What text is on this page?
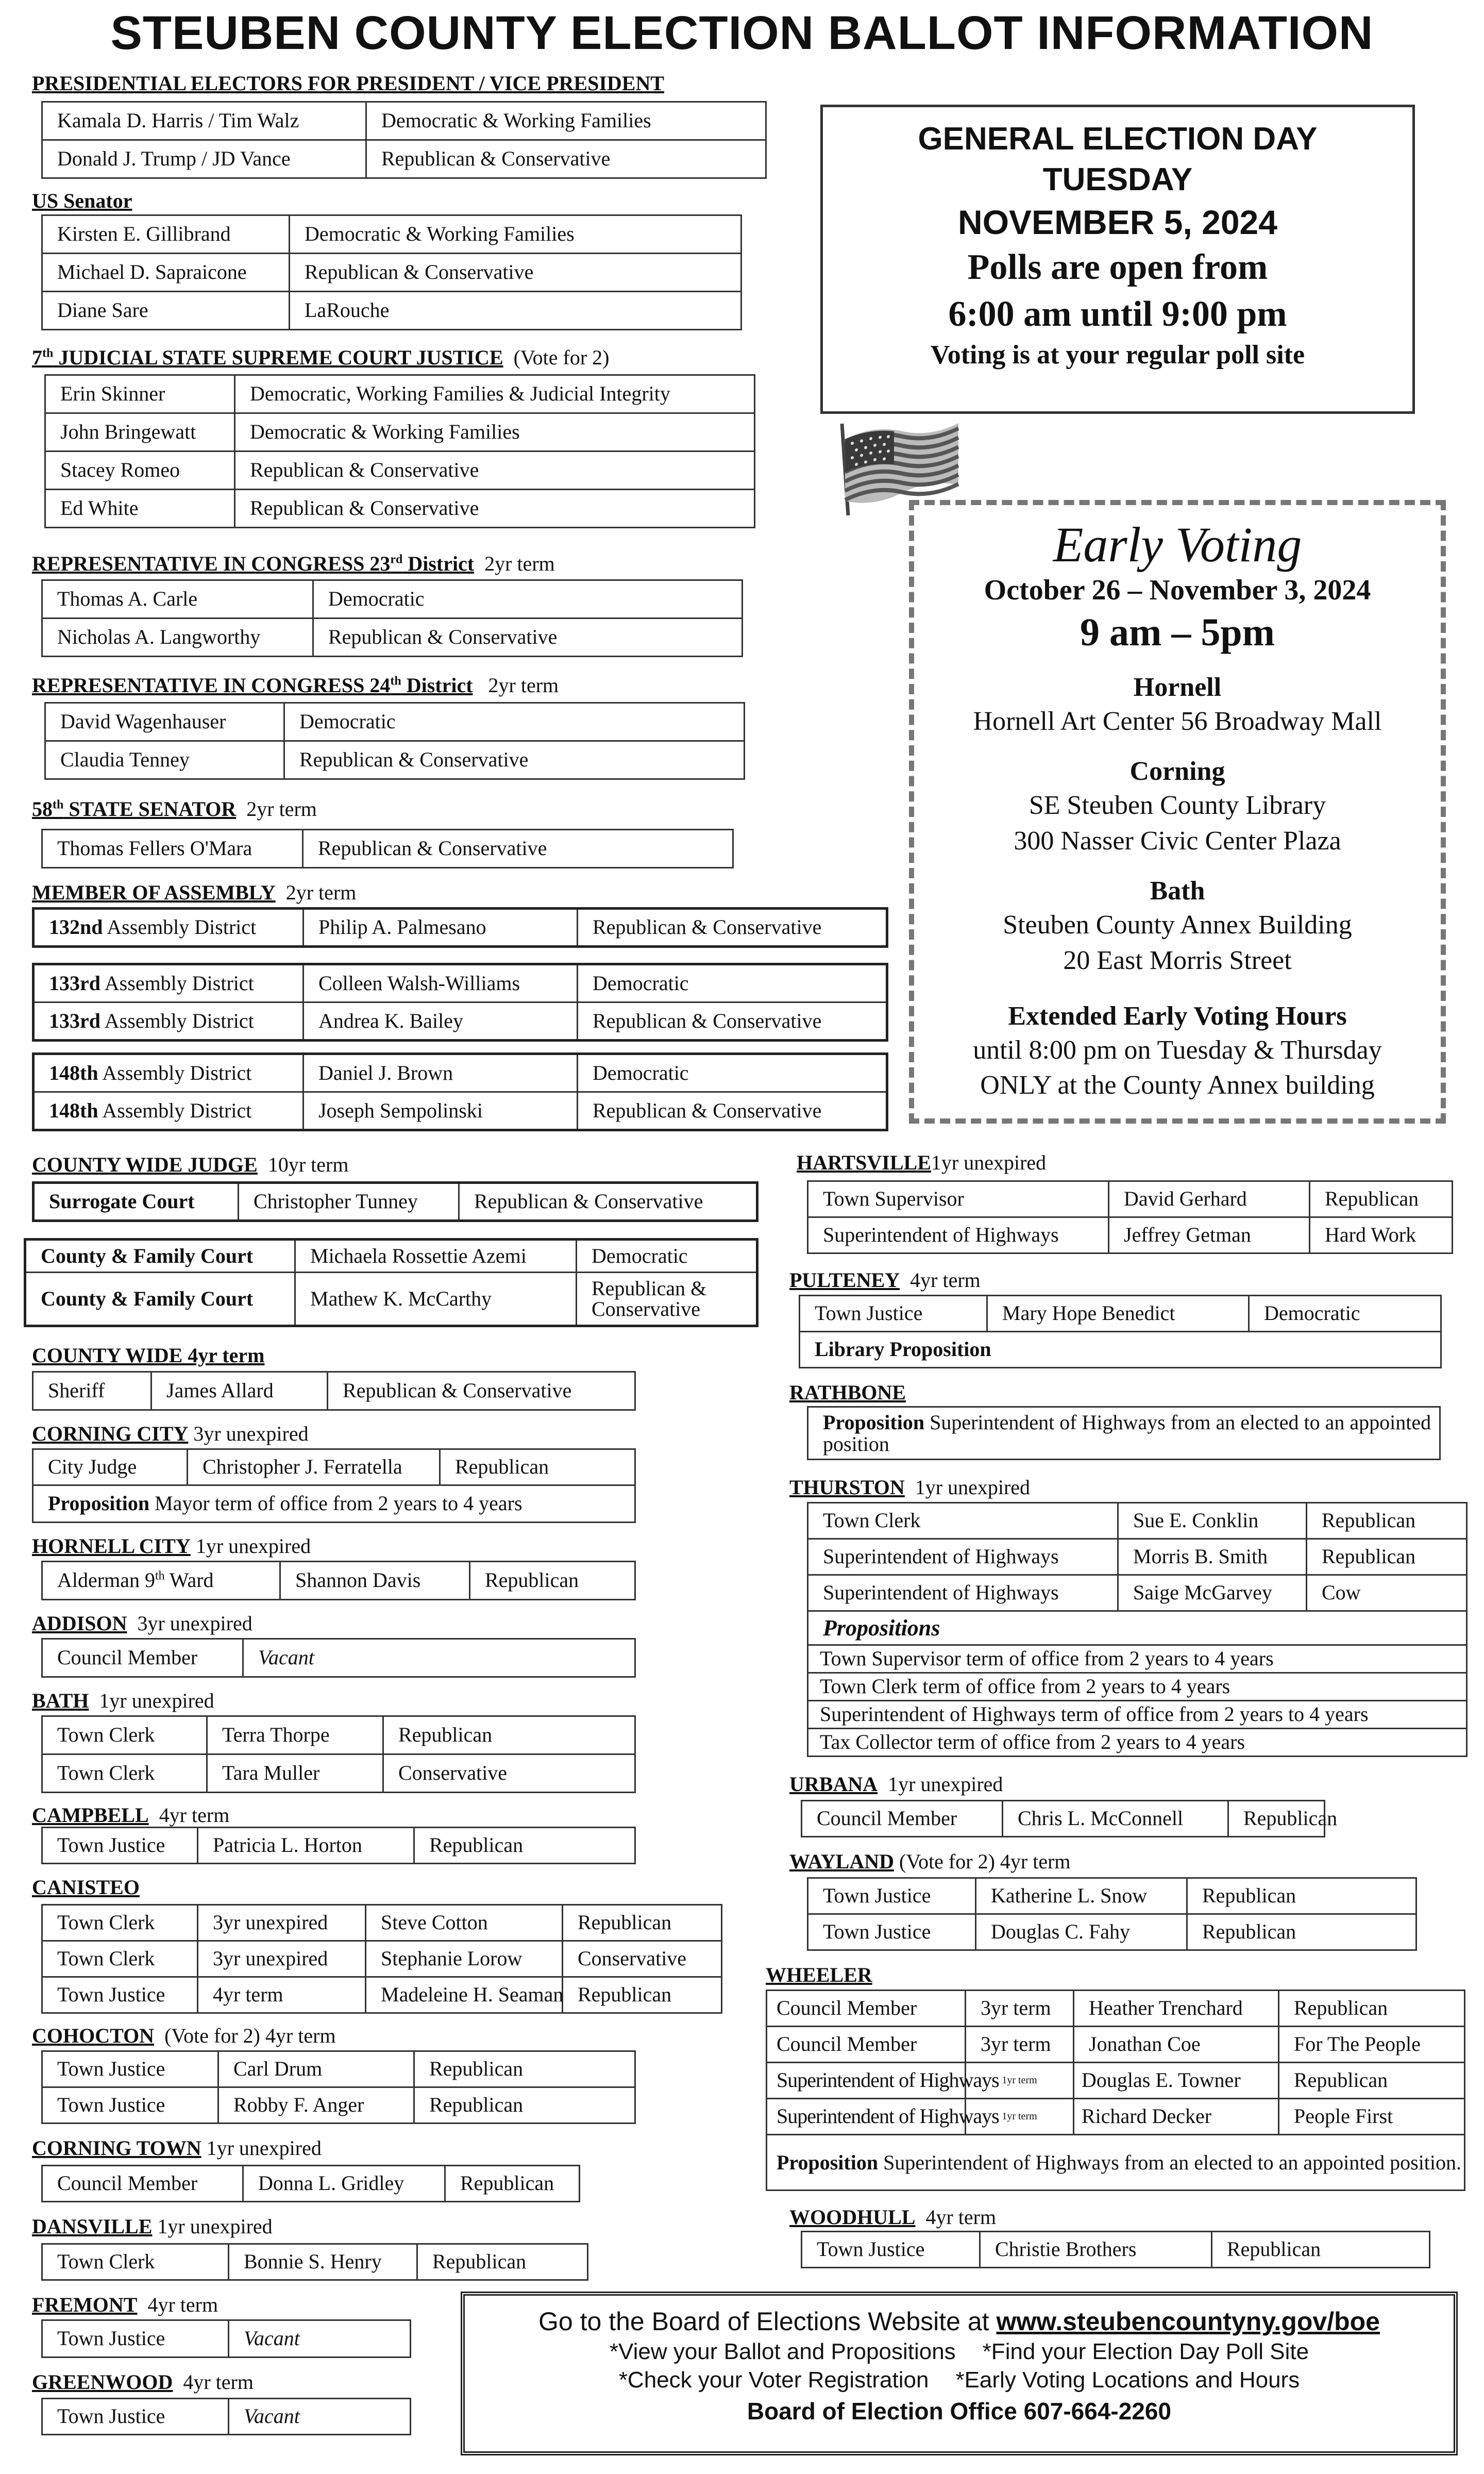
STEUBEN COUNTY ELECTION BALLOT INFORMATION
PRESIDENTIAL ELECTORS FOR PRESIDENT / VICE PRESIDENT
Kamala D. Harris / Tim Walz	Democratic & Working Families
Donald J. Trump / JD Vance	Republican & Conservative
US Senator
Kirsten E. Gillibrand	Democratic & Working Families
Michael D. Sapraicone	Republican & Conservative
Diane Sare	LaRouche
7th JUDICIAL STATE SUPREME COURT JUSTICE (Vote for 2)
Erin Skinner	Democratic, Working Families & Judicial Integrity
John Bringewatt	Democratic & Working Families
Stacey Romeo	Republican & Conservative
Ed White	Republican & Conservative
REPRESENTATIVE IN CONGRESS 23rd District 2yr term
Thomas A. Carle	Democratic
Nicholas A. Langworthy	Republican & Conservative
REPRESENTATIVE IN CONGRESS 24th District 2yr term
David Wagenhauser	Democratic
Claudia Tenney	Republican & Conservative
58th STATE SENATOR 2yr term
Thomas Fellers O'Mara	Republican & Conservative
MEMBER OF ASSEMBLY 2yr term
132nd Assembly District	Philip A. Palmesano	Republican & Conservative
133rd Assembly District	Colleen Walsh-Williams	Democratic
133rd Assembly District	Andrea K. Bailey	Republican & Conservative
148th Assembly District	Daniel J. Brown	Democratic
148th Assembly District	Joseph Sempolinski	Republican & Conservative
COUNTY WIDE JUDGE 10yr term
Surrogate Court	Christopher Tunney	Republican & Conservative
County & Family Court	Michaela Rossettie Azemi	Democratic
County & Family Court	Mathew K. McCarthy	Republican & Conservative
COUNTY WIDE 4yr term
Sheriff	James Allard	Republican & Conservative
CORNING CITY 3yr unexpired
City Judge	Christopher J. Ferratella	Republican
Proposition Mayor term of office from 2 years to 4 years
HORNELL CITY 1yr unexpired
Alderman 9th Ward	Shannon Davis	Republican
ADDISON 3yr unexpired
Council Member	Vacant
BATH 1yr unexpired
Town Clerk	Terra Thorpe	Republican
Town Clerk	Tara Muller	Conservative
CAMPBELL 4yr term
Town Justice	Patricia L. Horton	Republican
CANISTEO
Town Clerk	3yr unexpired	Steve Cotton	Republican
Town Clerk	3yr unexpired	Stephanie Lorow	Conservative
Town Justice	4yr term	Madeleine H. Seaman	Republican
COHOCTON (Vote for 2) 4yr term
Town Justice	Carl Drum	Republican
Town Justice	Robby F. Anger	Republican
CORNING TOWN 1yr unexpired
Council Member	Donna L. Gridley	Republican
DANSVILLE 1yr unexpired
Town Clerk	Bonnie S. Henry	Republican
FREMONT 4yr term
Town Justice	Vacant
GREENWOOD 4yr term
Town Justice	Vacant
GENERAL ELECTION DAY
TUESDAY
NOVEMBER 5, 2024
Polls are open from
6:00 am until 9:00 pm
Voting is at your regular poll site
Early Voting
October 26 – November 3, 2024
9 am – 5pm
Hornell
Hornell Art Center 56 Broadway Mall
Corning
SE Steuben County Library
300 Nasser Civic Center Plaza
Bath
Steuben County Annex Building
20 East Morris Street
Extended Early Voting Hours
until 8:00 pm on Tuesday & Thursday
ONLY at the County Annex building
HARTSVILLE1yr unexpired
Town Supervisor	David Gerhard	Republican
Superintendent of Highways	Jeffrey Getman	Hard Work
PULTENEY 4yr term
Town Justice	Mary Hope Benedict	Democratic
Library Proposition
RATHBONE
Proposition Superintendent of Highways from an elected to an appointed position
THURSTON 1yr unexpired
Town Clerk	Sue E. Conklin	Republican
Superintendent of Highways	Morris B. Smith	Republican
Superintendent of Highways	Saige McGarvey	Cow
Propositions		
Town Supervisor term of office from 2 years to 4 years		
Town Clerk term of office from 2 years to 4 years		
Superintendent of Highways term of office from 2 years to 4 years		
Tax Collector term of office from 2 years to 4 years		
URBANA 1yr unexpired
Council Member	Chris L. McConnell	Republican
WAYLAND (Vote for 2) 4yr term
Town Justice	Katherine L. Snow	Republican
Town Justice	Douglas C. Fahy	Republican
WHEELER
Council Member	3yr term	Heather Trenchard	Republican
Council Member	3yr term	Jonathan Coe	For The People
Superintendent of Highways	1yr term	Douglas E. Towner	Republican
Superintendent of Highways	1yr term	Richard Decker	People First
Proposition Superintendent of Highways from an elected to an appointed position.			
WOODHULL 4yr term
Town Justice	Christie Brothers	Republican
Go to the Board of Elections Website at www.steubencountyny.gov/boe
*View your Ballot and Propositions *Find your Election Day Poll Site
*Check your Voter Registration *Early Voting Locations and Hours
Board of Election Office 607-664-2260
